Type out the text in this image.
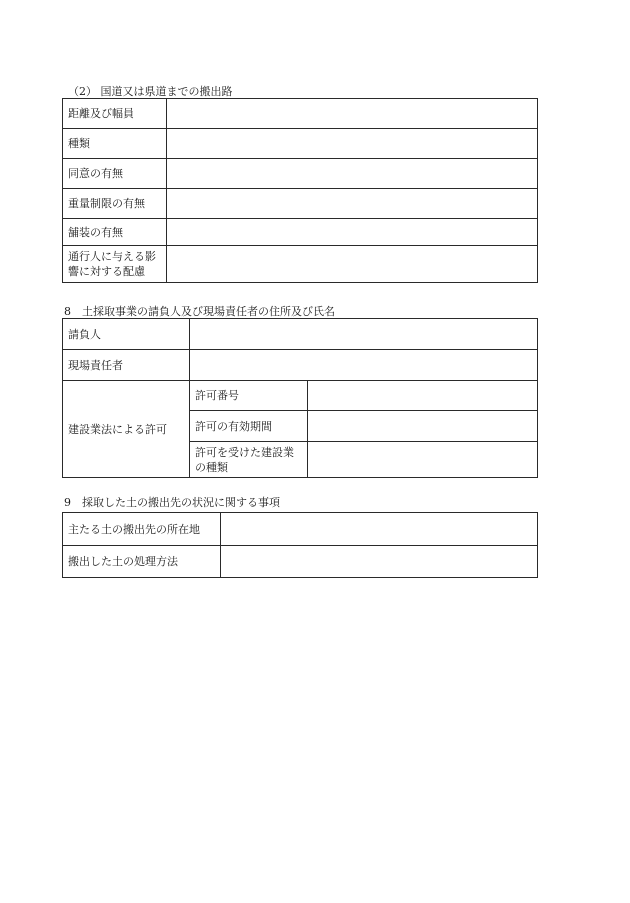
（2） 国道又は県道までの搬出路
距離及び幅員	
種類	
同意の有無	
重量制限の有無	
舗装の有無	

通行人に与える影
響に対する配慮	

8　土採取事業の請負人及び現場責任者の住所及び氏名
請負人		
現場責任者		
建設業法による許可	許可番号	
	許可の有効期間	

	許可を受けた建設業
の種類	

9　採取した土の搬出先の状況に関する事項
主たる土の搬出先の所在地	
搬出した土の処理方法	
